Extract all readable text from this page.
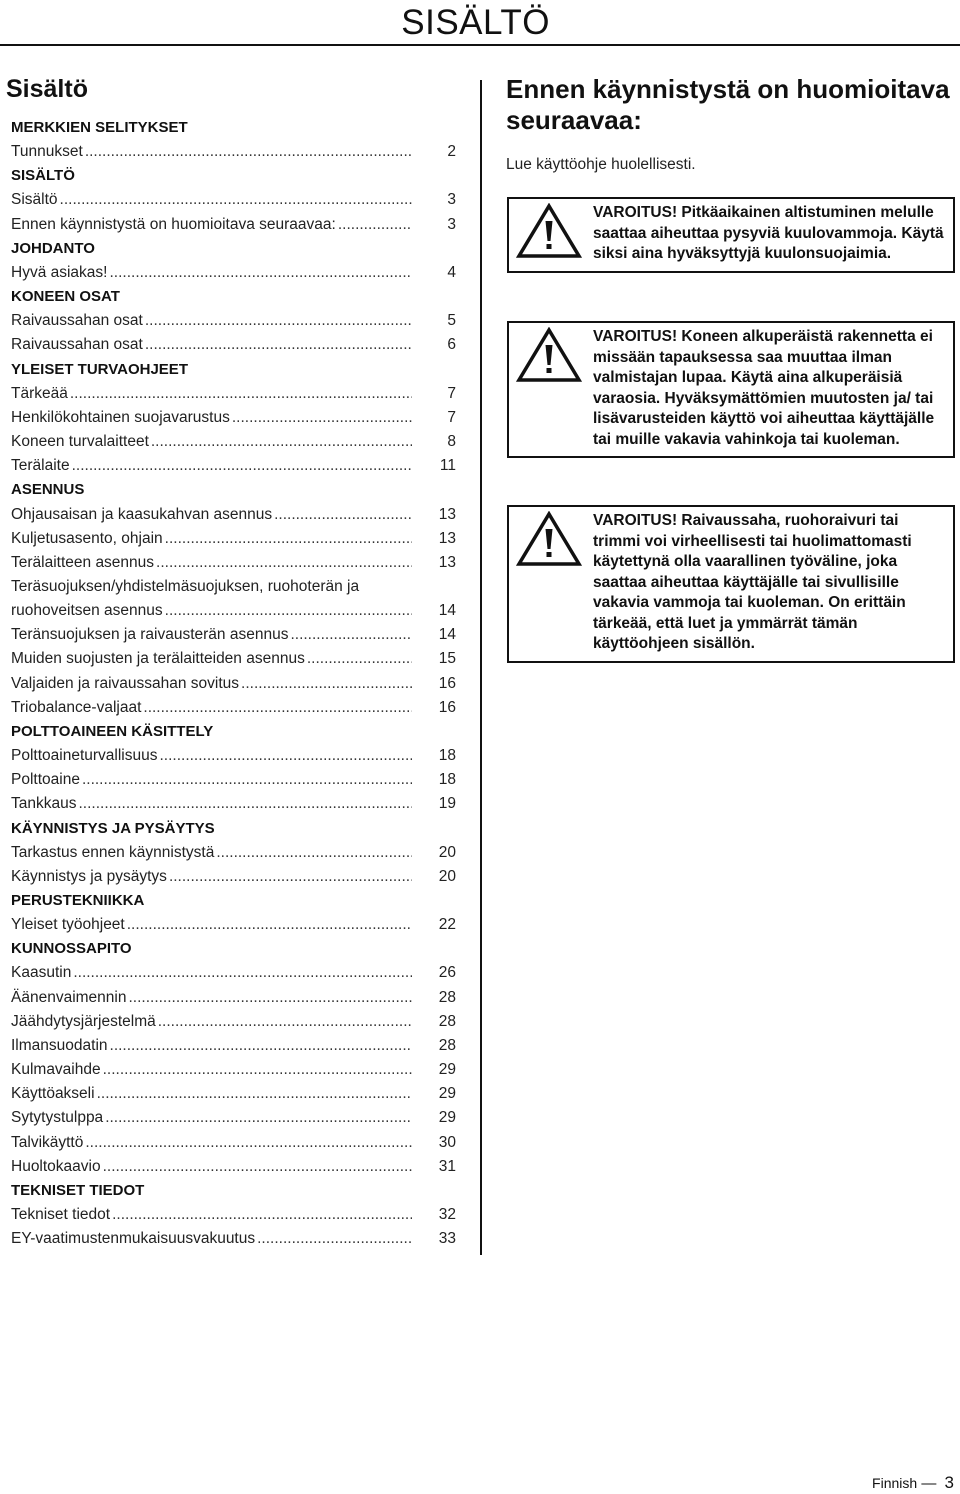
SISÄLTÖ
Sisältö
MERKKIEN SELITYKSET
Tunnukset .....	2
SISÄLTÖ
Sisältö .....	3
Ennen käynnistystä on huomioitava seuraavaa: .....	3
JOHDANTO
Hyvä asiakas! .....	4
KONEEN OSAT
Raivaussahan osat .....	5
Raivaussahan osat .....	6
YLEISET TURVAOHJEET
Tärkeää .....	7
Henkilökohtainen suojavarustus .....	7
Koneen turvalaitteet .....	8
Terälaite .....	11
ASENNUS
Ohjausaisan ja kaasukahvan asennus .....	13
Kuljetusasento, ohjain .....	13
Terälaitteen asennus .....	13
Teräsuojuksen/yhdistelmäsuojuksen, ruohoterän ja
ruohoveitsen asennus .....	14
Teränsuojuksen ja raivausterän asennus .....	14
Muiden suojusten ja terälaitteiden asennus .....	15
Valjaiden ja raivaussahan sovitus .....	16
Triobalance-valjaat .....	16
POLTTOAINEEN KÄSITTELY
Polttoaineturvallisuus .....	18
Polttoaine .....	18
Tankkaus .....	19
KÄYNNISTYS JA PYSÄYTYS
Tarkastus ennen käynnistystä .....	20
Käynnistys ja pysäytys .....	20
PERUSTEKNIIKKA
Yleiset työohjeet .....	22
KUNNOSSAPITO
Kaasutin .....	26
Äänenvaimennin .....	28
Jäähdytysjärjestelmä .....	28
Ilmansuodatin .....	28
Kulmavaihde .....	29
Käyttöakseli .....	29
Sytytystulppa .....	29
Talvikäyttö .....	30
Huoltokaavio .....	31
TEKNISET TIEDOT
Tekniset tiedot .....	32
EY-vaatimustenmukaisuusvakuutus .....	33
Ennen käynnistystä on huomioitava seuraavaa:
Lue käyttöohje huolellisesti.
VAROITUS! Pitkäaikainen altistuminen melulle saattaa aiheuttaa pysyviä kuulovammoja. Käytä siksi aina hyväksyttyjä kuulonsuojaimia.
VAROITUS! Koneen alkuperäistä rakennetta ei missään tapauksessa saa muuttaa ilman valmistajan lupaa. Käytä aina alkuperäisiä varaosia. Hyväksymättömien muutosten ja/ tai lisävarusteiden käyttö voi aiheuttaa käyttäjälle tai muille vakavia vahinkoja tai kuoleman.
VAROITUS! Raivaussaha, ruohoraivuri tai trimmi voi virheellisesti tai huolimattomasti käytettynä olla vaarallinen työväline, joka saattaa aiheuttaa käyttäjälle tai sivullisille vakavia vammoja tai kuoleman. On erittäin tärkeää, että luet ja ymmärrät tämän käyttöohjeen sisällön.
Finnish — 3
